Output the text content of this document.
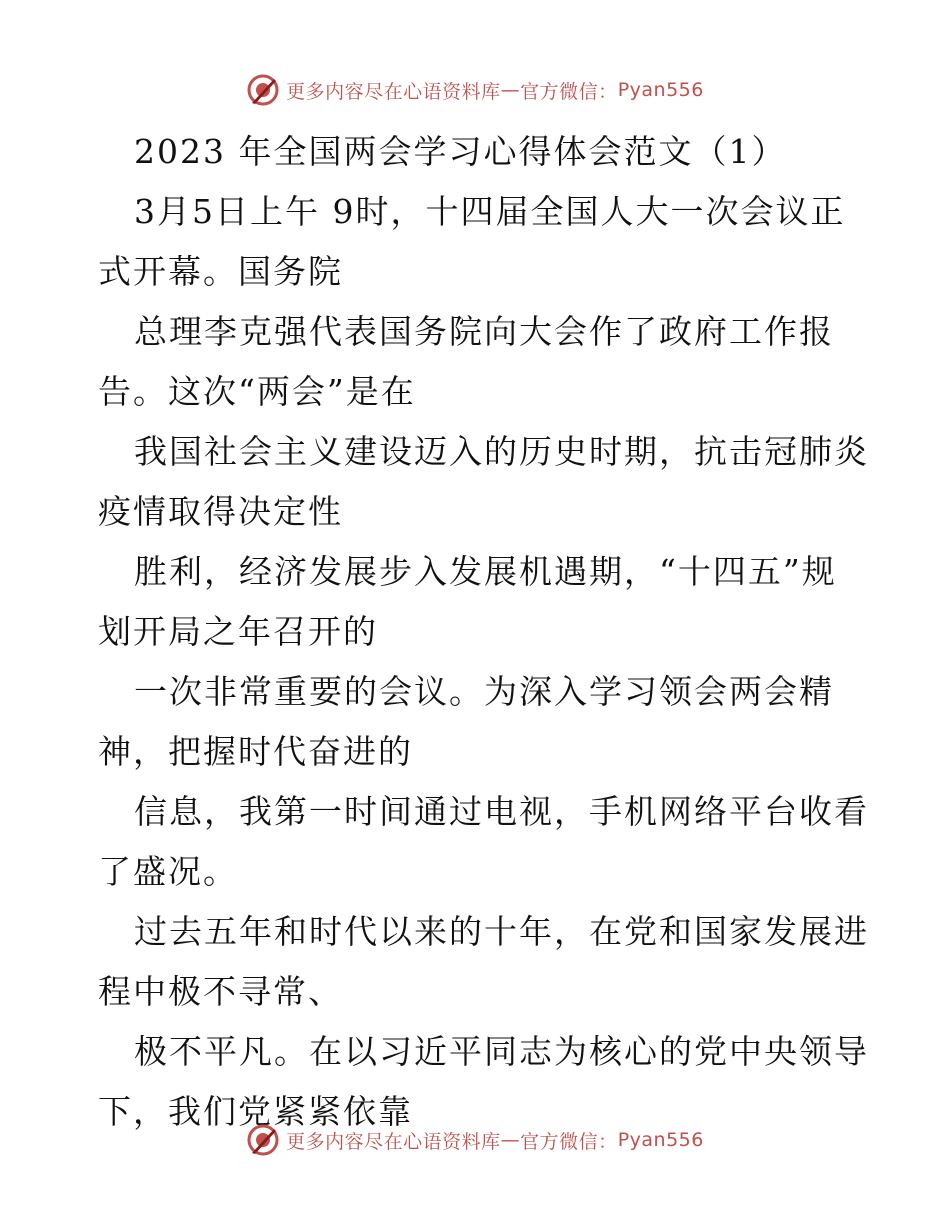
更多内容尽在心语资料库 — 官方微信： Pyan556
2023 年全国两会学习心得体会范文（1）
3月5日上午 9时，十四届全国人大一次会议正
式开幕。国务院
总理李克强代表国务院向大会作了政府工作报
告。这次“两会”是在
我国社会主义建设迈入的历史时期，抗击冠肺炎
疫情取得决定性
胜利，经济发展步入发展机遇期，“十四五”规
划开局之年召开的
一次非常重要的会议。为深入学习领会两会精
神，把握时代奋进的
信息，我第一时间通过电视，手机网络平台收看
了盛况。
过去五年和时代以来的十年，在党和国家发展进
程中极不寻常、
极不平凡。在以习近平同志为核心的党中央领导
下，我们党紧紧依靠
更多内容尽在心语资料库 — 官方微信： Pyan556
